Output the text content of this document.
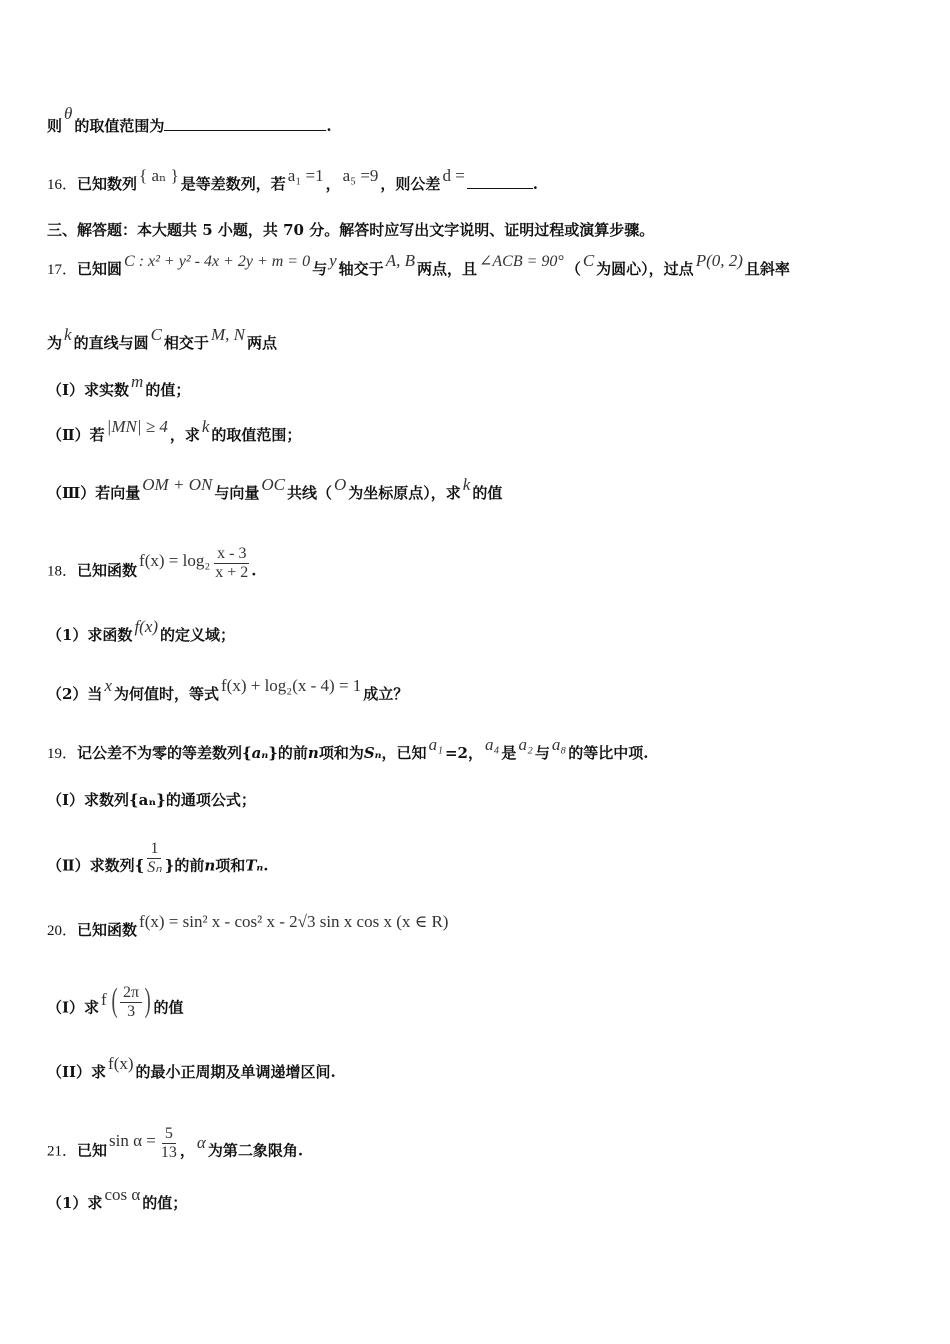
则θ的取值范围为	.
16．已知数列 { aₙ } 是等差数列，若 a₁ =1 ， a₅ =9 ，则公差 d =	.
三、解答题：本大题共 5 小题，共 70 分。解答时应写出文字说明、证明过程或演算步骤。
17．已知圆 C : x² + y² - 4x + 2y + m = 0 与 y 轴交于 A, B 两点，且 ∠ACB = 90° （ C 为圆心），过点 P(0, 2) 且斜率
为 k 的直线与圆 C 相交于 M, N 两点
（Ⅰ）求实数 m 的值；
（Ⅱ）若 |MN| ≥ 4 ，求 k 的取值范围；
（Ⅲ）若向量 OM + ON 与向量 OC 共线（ O 为坐标原点），求 k 的值
18．已知函数$f(x) = \log_2 \frac{x - 3}{x + 2}$ .
（1）求函数 f(x) 的定义域；
（2）当 x 为何值时，等式 f(x) + log₂(x - 4) = 1 成立？
19．记公差不为零的等差数列{aₙ}的前n项和为Sₙ，已知 a₁ =2， a₄ 是 a₂ 与 a₈ 的等比中项.
（Ⅰ）求数列{aₙ}的通项公式；
（Ⅱ）求数列{ $\frac{1}{\text{Sₙ}}$ }的前n项和Tₙ.
20．已知函数 f(x) = sin² x - cos² x - 2√3 sin x cos x (x ∈ R)
（I）求 f ( $\frac{2\pi}{3}$ ) 的值
（II）求 f(x) 的最小正周期及单调递增区间.
21．已知$\sin \alpha = \frac{5}{13}$ ， α 为第二象限角.
（1）求 cos α 的值；
